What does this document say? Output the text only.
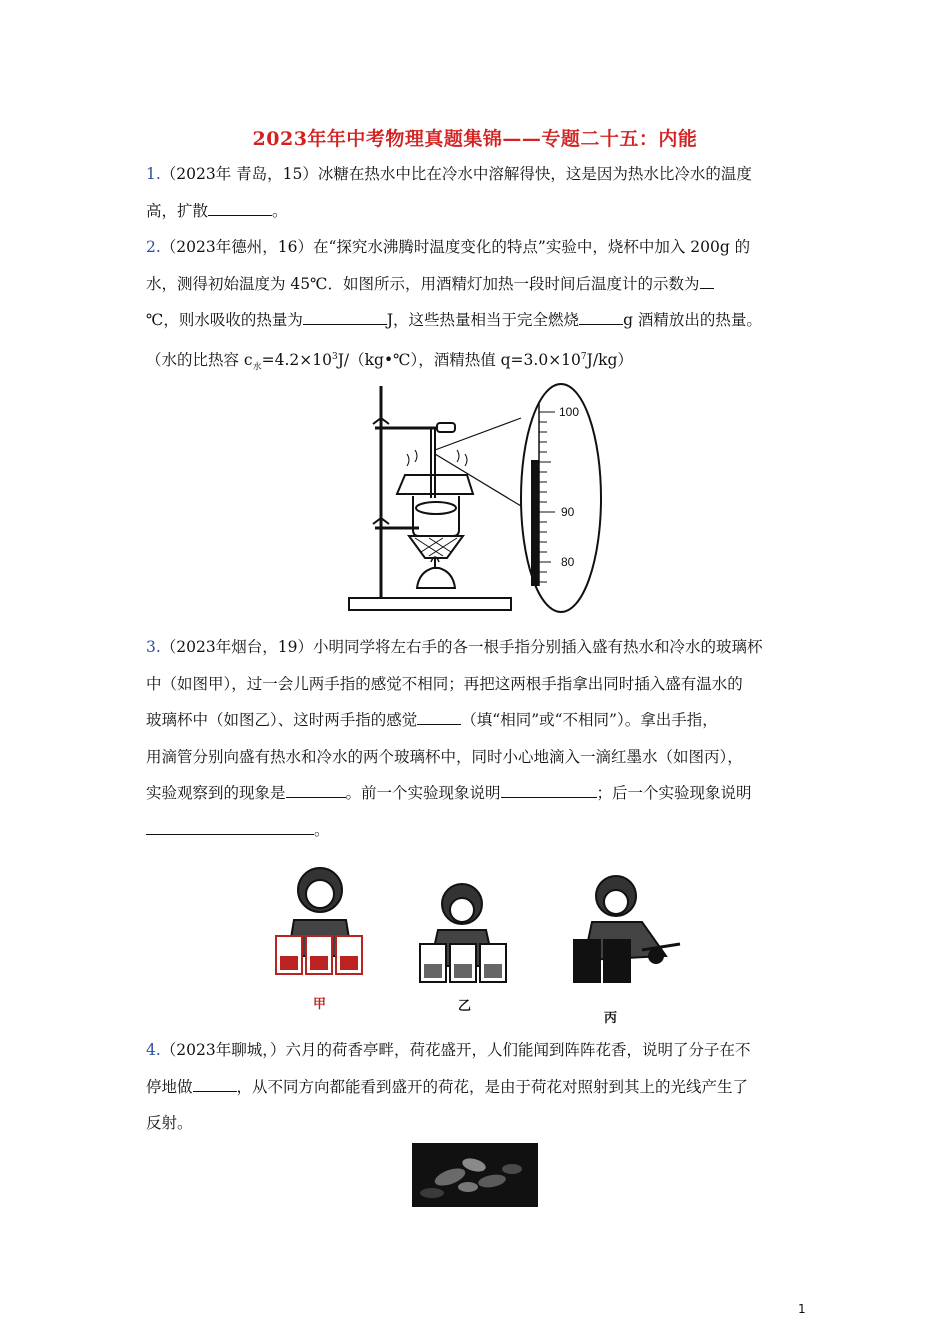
2023年年中考物理真题集锦——专题二十五：内能
1.（2023年 青岛，15）冰糖在热水中比在冷水中溶解得快，这是因为热水比冷水的温度
高，扩散	。
2.（2023年德州，16）在“探究水沸腾时温度变化的特点”实验中，烧杯中加入 200g 的
水，测得初始温度为 45℃．如图所示，用酒精灯加热一段时间后温度计的示数为
℃，则水吸收的热量为	J，这些热量相当于完全燃烧	g 酒精放出的热量。
（水的比热容 $c_水=4.2\times 10^3J/(kg•℃)$，酒精热值 $q=3.0\times 10^7J/kg$）
100
90
80
3.（2023年烟台，19）小明同学将左右手的各一根手指分别插入盛有热水和冷水的玻璃杯
中（如图甲），过一会儿两手指的感觉不相同；再把这两根手指拿出同时插入盛有温水的
玻璃杯中（如图乙）、这时两手指的感觉	（填“相同”或“不相同”）。拿出手指，
用滴管分别向盛有热水和冷水的两个玻璃杯中，同时小心地滴入一滴红墨水（如图丙），
实验观察到的现象是	。前一个实验现象说明	；后一个实验现象说明
。
甲	乙
丙
4.（2023年聊城，）六月的荷香亭畔，荷花盛开，人们能闻到阵阵花香，说明了分子在不
停地做	，从不同方向都能看到盛开的荷花，是由于荷花对照射到其上的光线产生了
反射。
1
